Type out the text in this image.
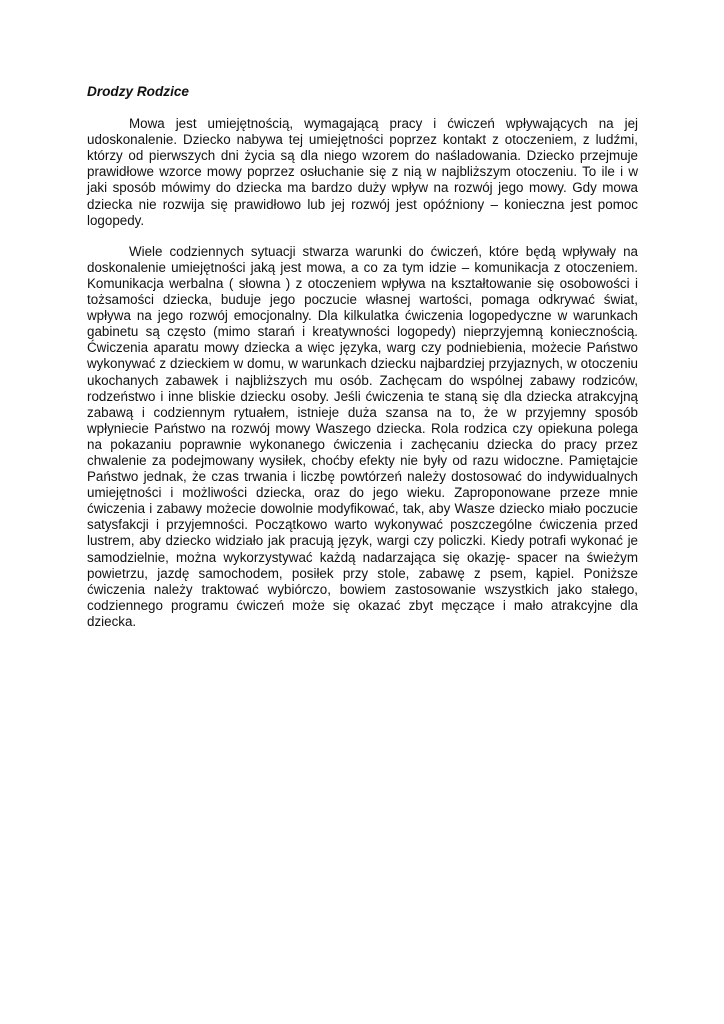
Drodzy Rodzice

Mowa jest umiejętnością, wymagającą pracy i ćwiczeń wpływających na jej udoskonalenie. Dziecko nabywa tej umiejętności poprzez kontakt z otoczeniem, z ludźmi, którzy od pierwszych dni życia są dla niego wzorem do naśladowania. Dziecko przejmuje prawidłowe wzorce mowy poprzez osłuchanie się z nią w najbliższym otoczeniu. To ile i w jaki sposób mówimy do dziecka ma bardzo duży wpływ na rozwój jego mowy. Gdy mowa dziecka nie rozwija się prawidłowo lub jej rozwój jest opóźniony – konieczna jest pomoc logopedy.

Wiele codziennych sytuacji stwarza warunki do ćwiczeń, które będą wpływały na doskonalenie umiejętności jaką jest mowa, a co za tym idzie – komunikacja z otoczeniem. Komunikacja werbalna ( słowna ) z otoczeniem wpływa na kształtowanie się osobowości i tożsamości dziecka, buduje jego poczucie własnej wartości, pomaga odkrywać świat, wpływa na jego rozwój emocjonalny. Dla kilkulatka ćwiczenia logopedyczne w warunkach gabinetu są często (mimo starań i kreatywności logopedy) nieprzyjemną koniecznością. Ćwiczenia aparatu mowy dziecka a więc języka, warg czy podniebienia, możecie Państwo wykonywać z dzieckiem w domu, w warunkach dziecku najbardziej przyjaznych, w otoczeniu ukochanych zabawek i najbliższych mu osób. Zachęcam do wspólnej zabawy rodziców, rodzeństwo i inne bliskie dziecku osoby. Jeśli ćwiczenia te staną się dla dziecka atrakcyjną zabawą i codziennym rytuałem, istnieje duża szansa na to, że w przyjemny sposób wpłyniecie Państwo na rozwój mowy Waszego dziecka. Rola rodzica czy opiekuna polega na pokazaniu poprawnie wykonanego ćwiczenia i zachęcaniu dziecka do pracy przez chwalenie za podejmowany wysiłek, choćby efekty nie były od razu widoczne. Pamiętajcie Państwo jednak, że czas trwania i liczbę powtórzeń należy dostosować do indywidualnych umiejętności i możliwości dziecka, oraz do jego wieku. Zaproponowane przeze mnie ćwiczenia i zabawy możecie dowolnie modyfikować, tak, aby Wasze dziecko miało poczucie satysfakcji i przyjemności. Początkowo warto wykonywać poszczególne ćwiczenia przed lustrem, aby dziecko widziało jak pracują język, wargi czy policzki. Kiedy potrafi wykonać je samodzielnie, można wykorzystywać każdą nadarzająca się okazję- spacer na świeżym powietrzu, jazdę samochodem, posiłek przy stole, zabawę z psem, kąpiel. Poniższe ćwiczenia należy traktować wybiórczo, bowiem zastosowanie wszystkich jako stałego, codziennego programu ćwiczeń może się okazać zbyt męczące i mało atrakcyjne dla dziecka.
